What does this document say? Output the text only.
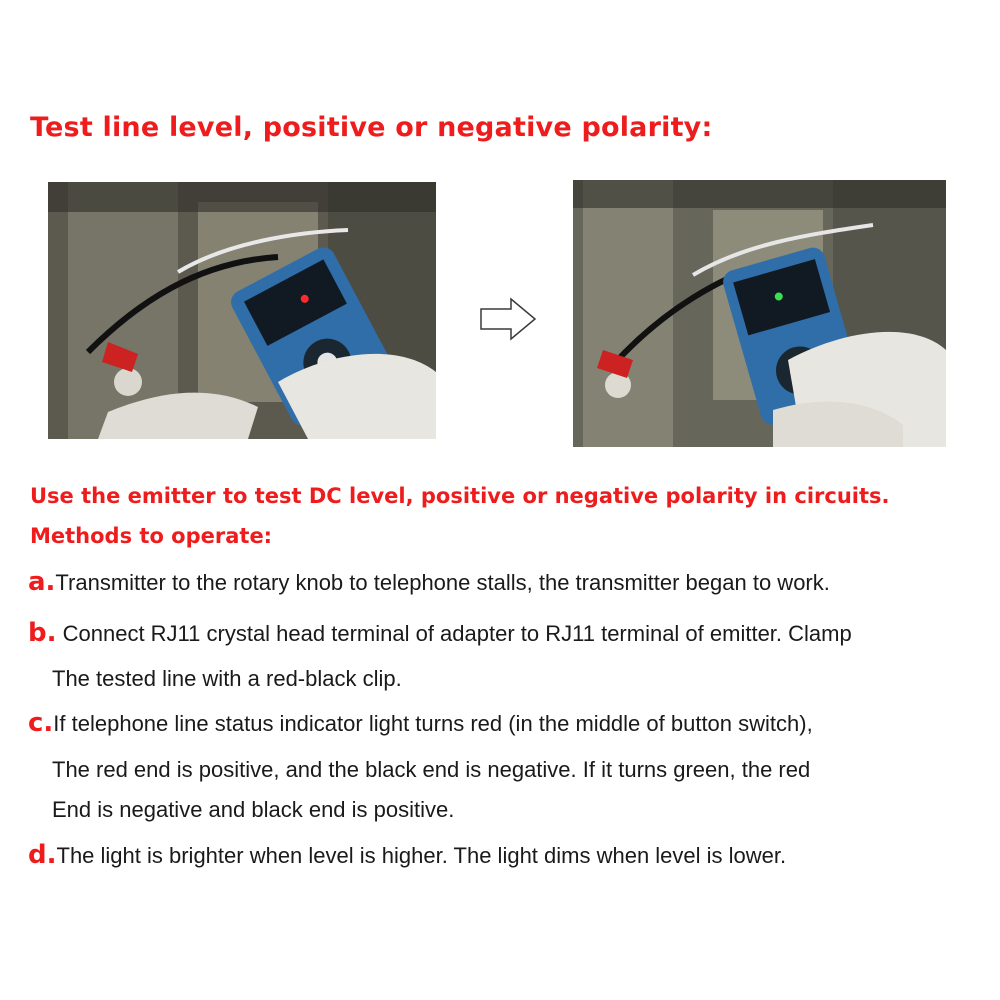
Test line level, positive or negative polarity:
Use the emitter to test DC level, positive or negative polarity in circuits.
Methods to operate:
a.Transmitter to the rotary knob to telephone stalls, the transmitter began to work.
b. Connect RJ11 crystal head terminal of adapter to RJ11 terminal of emitter. Clamp
The tested line with a red-black clip.
c.If telephone line status indicator light turns red (in the middle of button switch),
The red end is positive, and the black end is negative. If it turns green, the red
End is negative and black end is positive.
d.The light is brighter when level is higher. The light dims when level is lower.
